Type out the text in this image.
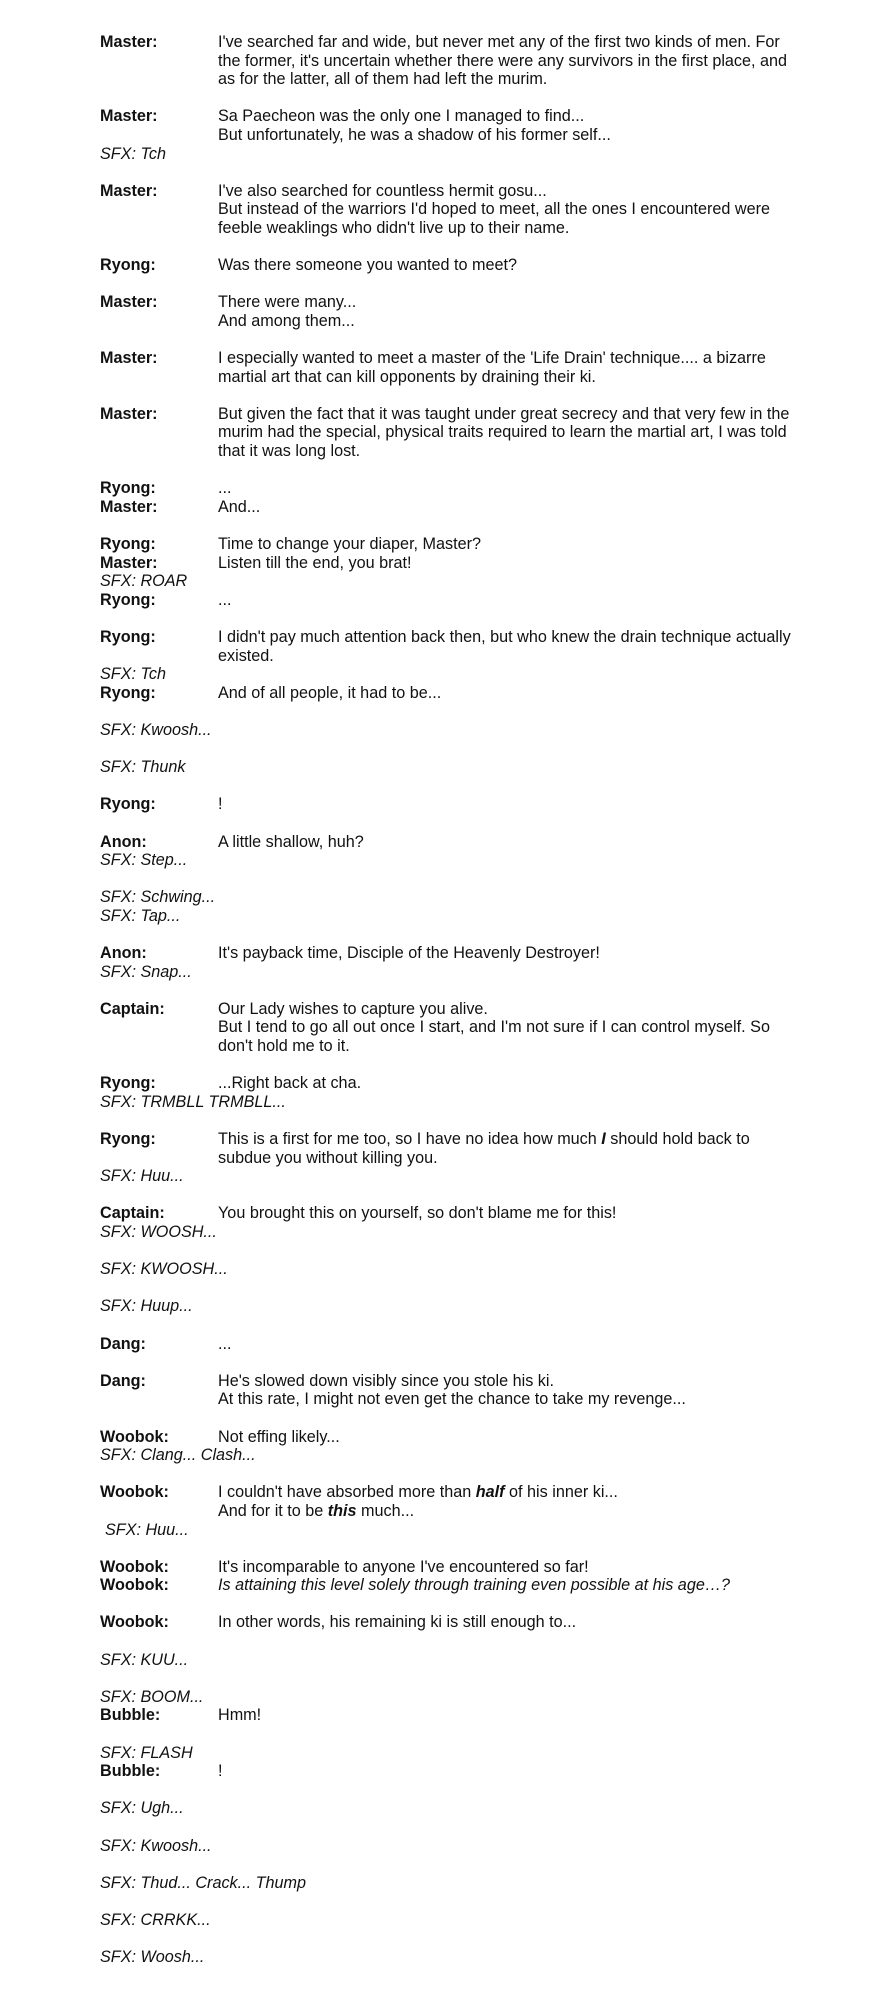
Master:	I've searched far and wide, but never met any of the first two kinds of men. For the former, it's uncertain whether there were any survivors in the first place, and as for the latter, all of them had left the murim.
Master:	Sa Paecheon was the only one I managed to find...
But unfortunately, he was a shadow of his former self...
SFX: Tch
Master:	I've also searched for countless hermit gosu...
But instead of the warriors I'd hoped to meet, all the ones I encountered were feeble weaklings who didn't live up to their name.
Ryong:	Was there someone you wanted to meet?
Master:	There were many...
And among them...
Master:	I especially wanted to meet a master of the 'Life Drain' technique.... a bizarre martial art that can kill opponents by draining their ki.
Master:	But given the fact that it was taught under great secrecy and that very few in the murim had the special, physical traits required to learn the martial art, I was told that it was long lost.
Ryong:	...
Master:	And...
Ryong:	Time to change your diaper, Master?
Master:	Listen till the end, you brat!
SFX: ROAR
Ryong:	...
Ryong:	I didn't pay much attention back then, but who knew the drain technique actually existed.
SFX: Tch
Ryong:	And of all people, it had to be...
SFX: Kwoosh...
SFX: Thunk
Ryong:	!
Anon:	A little shallow, huh?
SFX: Step...
SFX: Schwing...
SFX: Tap...
Anon:	It's payback time, Disciple of the Heavenly Destroyer!
SFX: Snap...
Captain:	Our Lady wishes to capture you alive.
But I tend to go all out once I start, and I'm not sure if I can control myself. So don't hold me to it.
Ryong:	...Right back at cha.
SFX: TRMBLL TRMBLL...
Ryong:	This is a first for me too, so I have no idea how much I should hold back to subdue you without killing you.
SFX: Huu...
Captain:	You brought this on yourself, so don't blame me for this!
SFX: WOOSH...
SFX: KWOOSH...
SFX: Huup...
Dang:	...
Dang:	He's slowed down visibly since you stole his ki.
At this rate, I might not even get the chance to take my revenge...
Woobok:	Not effing likely...
SFX: Clang... Clash...
Woobok:	I couldn't have absorbed more than half of his inner ki...
And for it to be this much...
SFX: Huu...
Woobok:	It's incomparable to anyone I've encountered so far!
Woobok:	Is attaining this level solely through training even possible at his age…?
Woobok:	In other words, his remaining ki is still enough to...
SFX: KUU...
SFX: BOOM...
Bubble:	Hmm!
SFX: FLASH
Bubble:	!
SFX: Ugh...
SFX: Kwoosh...
SFX: Thud... Crack... Thump
SFX: CRRKK...
SFX: Woosh...
